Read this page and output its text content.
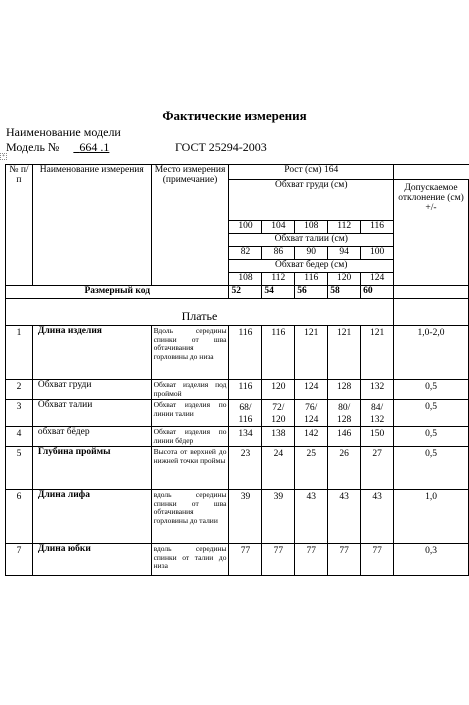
Фактические измерения
Наименование модели
Модель № 664 .1	ГОСТ 25294-2003
+
№ п/п	Наименование измерения	Место измерения (примечание)	Рост (см) 164					
			Обхват груди (см)					Допускаемое отклонение (см) +/-
			100	104	108	112	116	
			Обхват талии (см)					
			82	86	90	94	100	
			Обхват бедер (см)					
			108	112	116	120	124	
Размерный код			52	54	56	58	60	
Платье								
1	Длина изделия	Вдоль середины спинки от шва обтачивания горловины до низа	116	116	121	121	121	1,0-2,0
2	Обхват груди	Обхват изделия под проймой	116	120	124	128	132	0,5
3	Обхват талии	Обхват изделия по линии талии	68/ 116	72/ 120	76/ 124	80/ 128	84/ 132	0,5
4	обхват бёдер	Обхват изделия по линии бёдер	134	138	142	146	150	0,5
5	Глубина проймы	Высота от верхней до нижней точки проймы	23	24	25	26	27	0,5
6	Длина лифа	вдоль середины спинки от шва обтачивания горловины до талии	39	39	43	43	43	1,0
7	Длина юбки	вдоль середины спинки от талии до низа	77	77	77	77	77	0,3
